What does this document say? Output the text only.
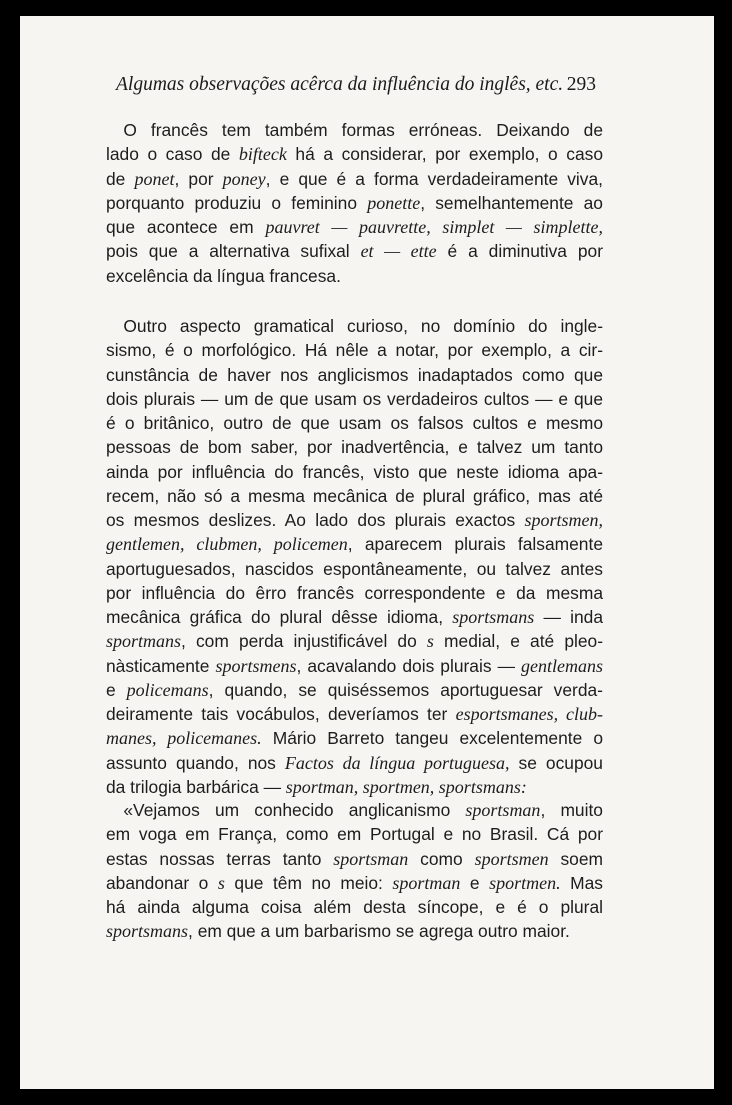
Algumas observações acêrca da influência do inglês, etc. 293
 O francês tem também formas erróneas. Deixando de
lado o caso de bifteck há a considerar, por exemplo, o caso
de ponet, por poney, e que é a forma verdadeiramente viva,
porquanto produziu o feminino ponette, semelhantemente ao
que acontece em pauvret — pauvrette, simplet — simplette,
pois que a alternativa sufixal et — ette é a diminutiva por
excelência da língua francesa.
 Outro aspecto gramatical curioso, no domínio do ingle-
sismo, é o morfológico. Há nêle a notar, por exemplo, a cir-
cunstância de haver nos anglicismos inadaptados como que
dois plurais — um de que usam os verdadeiros cultos — e que
é o britânico, outro de que usam os falsos cultos e mesmo
pessoas de bom saber, por inadvertência, e talvez um tanto
ainda por influência do francês, visto que neste idioma apa-
recem, não só a mesma mecânica de plural gráfico, mas até
os mesmos deslizes. Ao lado dos plurais exactos sportsmen,
gentlemen, clubmen, policemen, aparecem plurais falsamente
aportuguesados, nascidos espontâneamente, ou talvez antes
por influência do êrro francês correspondente e da mesma
mecânica gráfica do plural dêsse idioma, sportsmans — inda
sportmans, com perda injustificável do s medial, e até pleo-
nàsticamente sportsmens, acavalando dois plurais — gentlemans
e policemans, quando, se quiséssemos aportuguesar verda-
deiramente tais vocábulos, deveríamos ter esportsmanes, club-
manes, policemanes. Mário Barreto tangeu excelentemente o
assunto quando, nos Factos da língua portuguesa, se ocupou
da trilogia barbárica — sportman, sportmen, sportsmans:
 «Vejamos um conhecido anglicanismo sportsman, muito
em voga em França, como em Portugal e no Brasil. Cá por
estas nossas terras tanto sportsman como sportsmen soem
abandonar o s que têm no meio: sportman e sportmen. Mas
há ainda alguma coisa além desta síncope, e é o plural
sportsmans, em que a um barbarismo se agrega outro maior.
